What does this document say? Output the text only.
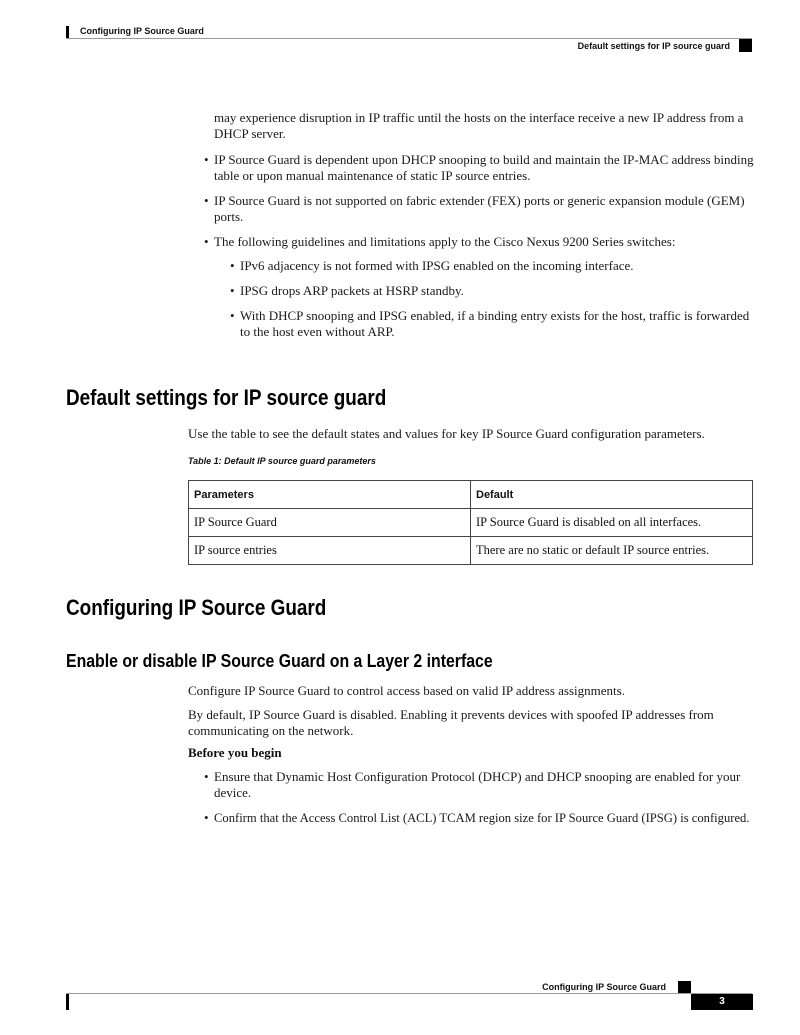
Configuring IP Source Guard
Default settings for IP source guard
may experience disruption in IP traffic until the hosts on the interface receive a new IP address from a DHCP server.
• IP Source Guard is dependent upon DHCP snooping to build and maintain the IP-MAC address binding table or upon manual maintenance of static IP source entries.
• IP Source Guard is not supported on fabric extender (FEX) ports or generic expansion module (GEM) ports.
• The following guidelines and limitations apply to the Cisco Nexus 9200 Series switches:
• IPv6 adjacency is not formed with IPSG enabled on the incoming interface.
• IPSG drops ARP packets at HSRP standby.
• With DHCP snooping and IPSG enabled, if a binding entry exists for the host, traffic is forwarded to the host even without ARP.
Default settings for IP source guard
Use the table to see the default states and values for key IP Source Guard configuration parameters.
Table 1: Default IP source guard parameters
Parameters	Default
IP Source Guard	IP Source Guard is disabled on all interfaces.
IP source entries	There are no static or default IP source entries.
Configuring IP Source Guard
Enable or disable IP Source Guard on a Layer 2 interface
Configure IP Source Guard to control access based on valid IP address assignments.
By default, IP Source Guard is disabled. Enabling it prevents devices with spoofed IP addresses from communicating on the network.
Before you begin
• Ensure that Dynamic Host Configuration Protocol (DHCP) and DHCP snooping are enabled for your device.
• Confirm that the Access Control List (ACL) TCAM region size for IP Source Guard (IPSG) is configured.
Configuring IP Source Guard
3
